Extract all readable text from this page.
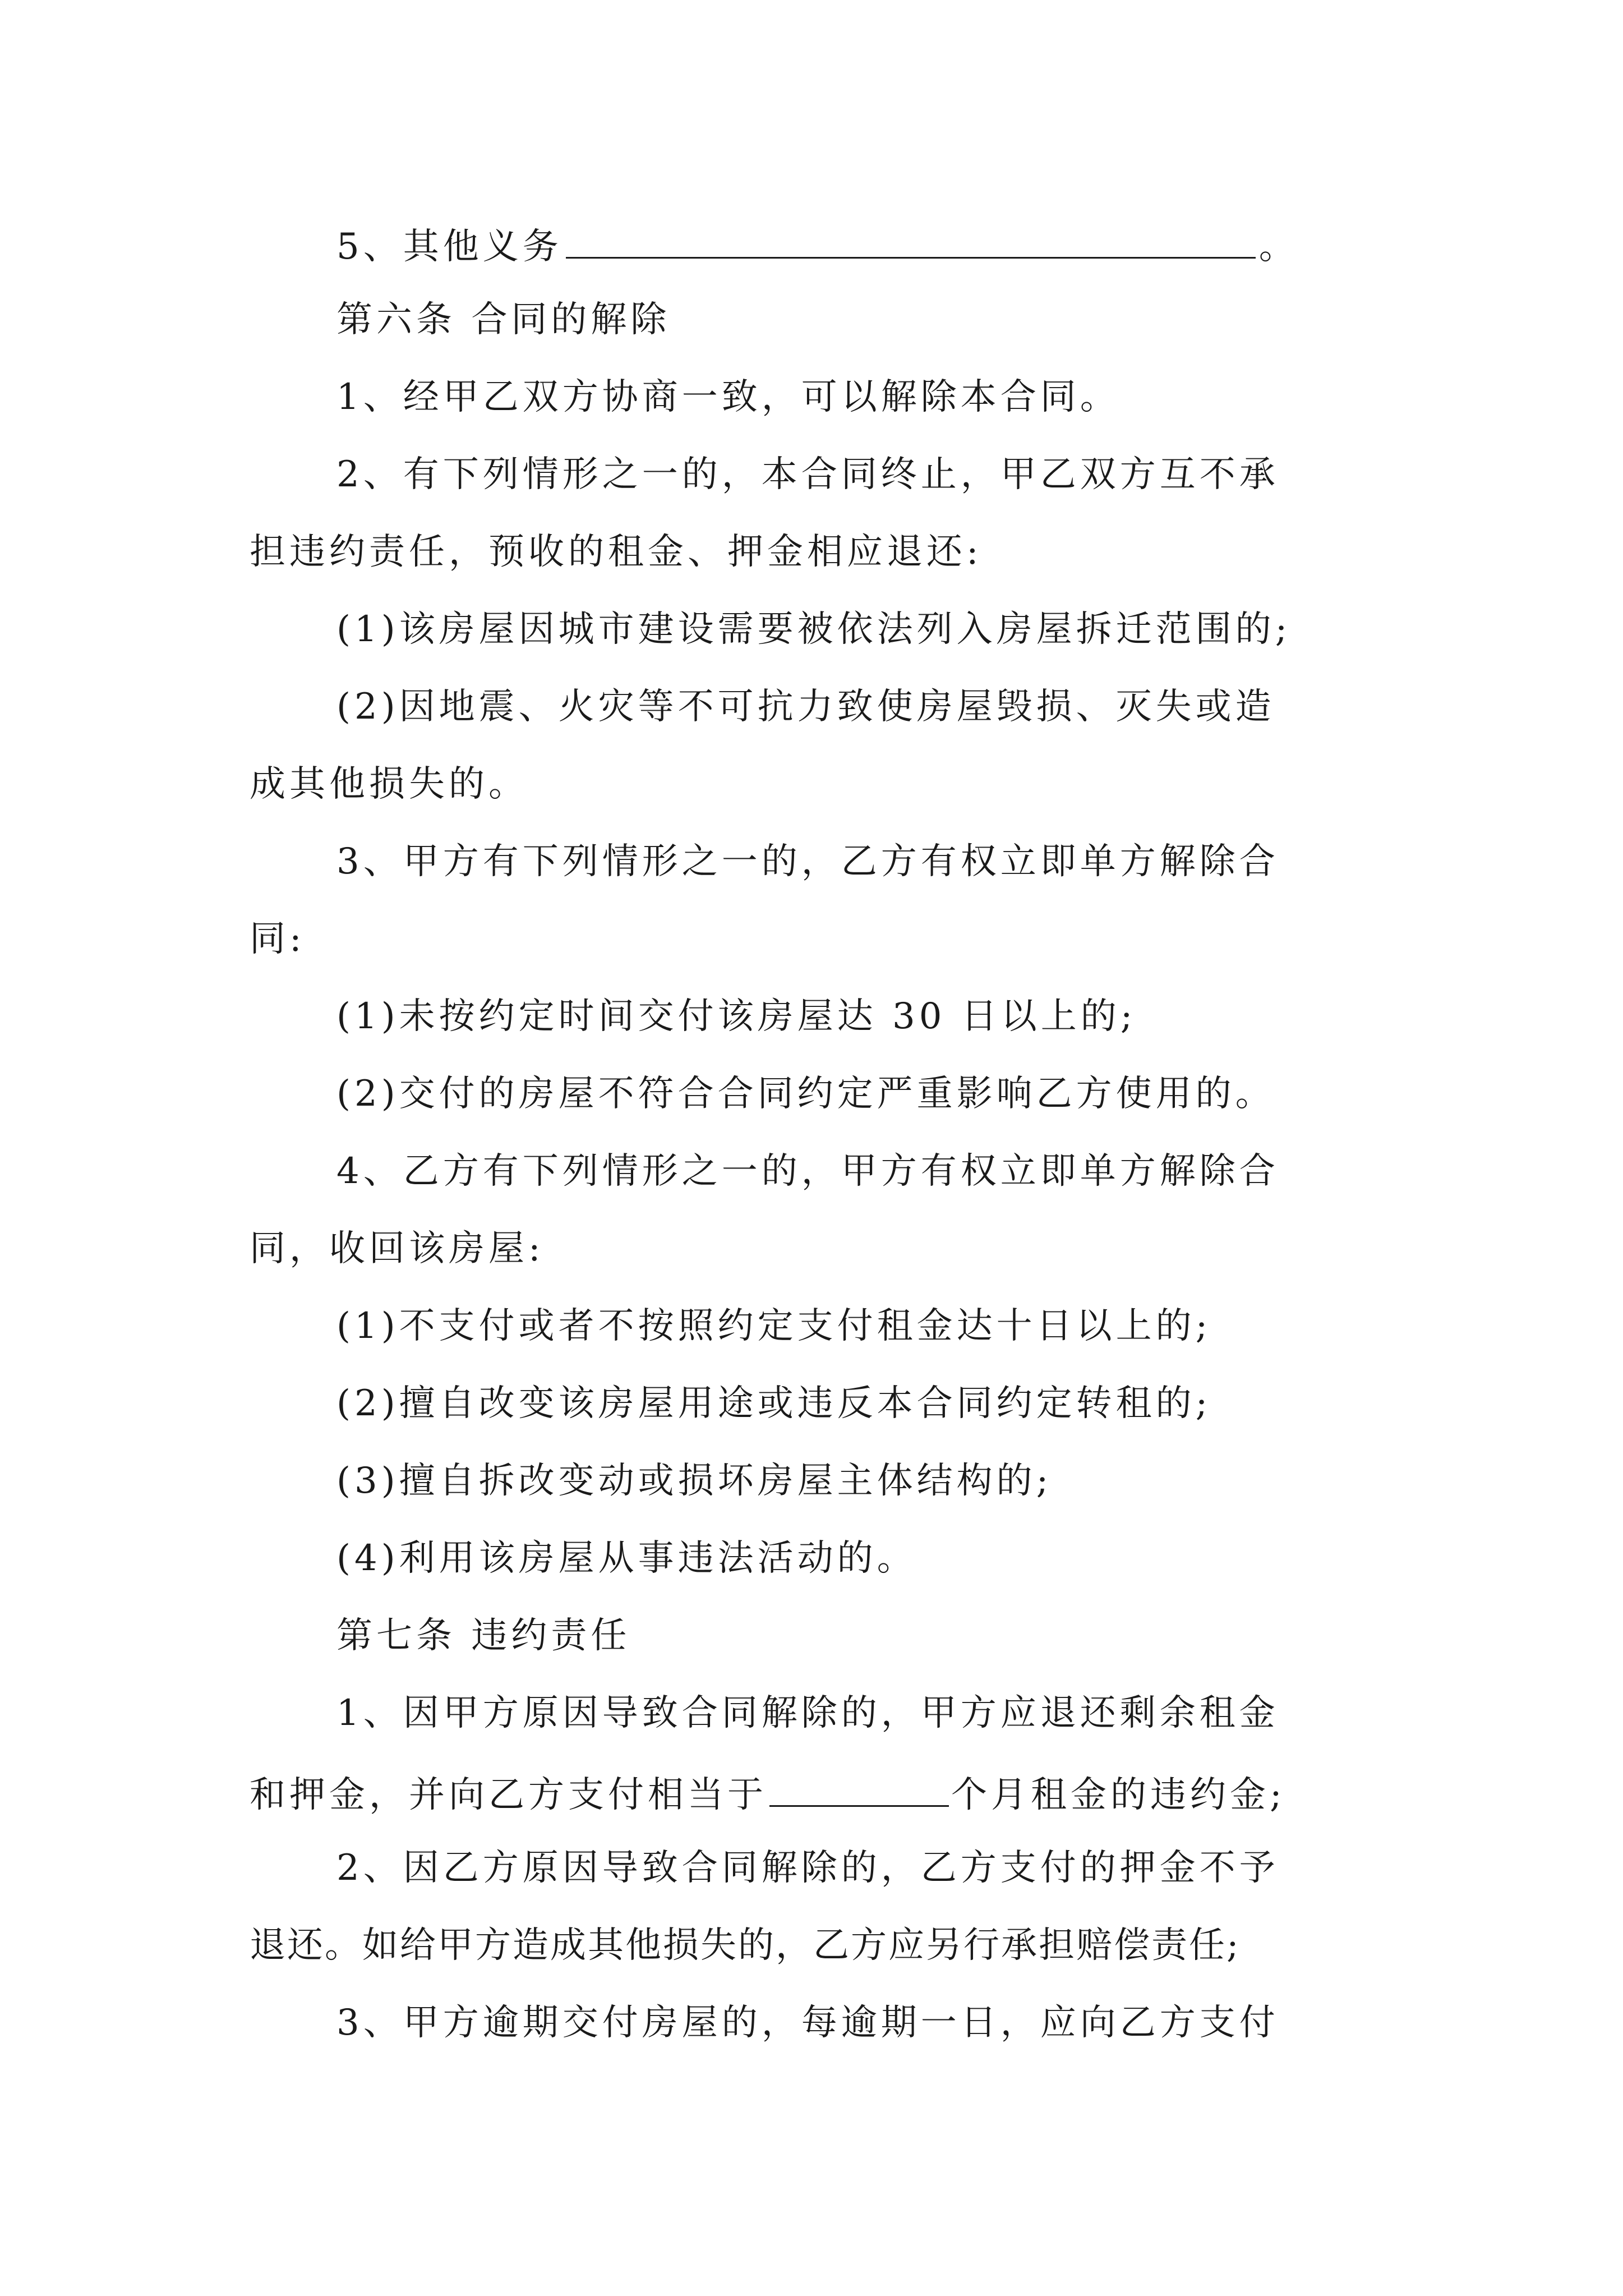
5、其他义务	。
第六条 合同的解除
1、经甲乙双方协商一致，可以解除本合同。
2、有下列情形之一的，本合同终止，甲乙双方互不承
担违约责任，预收的租金、押金相应退还:
(1)该房屋因城市建设需要被依法列入房屋拆迁范围的;
(2)因地震、火灾等不可抗力致使房屋毁损、灭失或造
成其他损失的。
3、甲方有下列情形之一的，乙方有权立即单方解除合
同:
(1)未按约定时间交付该房屋达 30 日以上的;
(2)交付的房屋不符合合同约定严重影响乙方使用的。
4、乙方有下列情形之一的，甲方有权立即单方解除合
同，收回该房屋:
(1)不支付或者不按照约定支付租金达十日以上的;
(2)擅自改变该房屋用途或违反本合同约定转租的;
(3)擅自拆改变动或损坏房屋主体结构的;
(4)利用该房屋从事违法活动的。
第七条 违约责任
1、因甲方原因导致合同解除的，甲方应退还剩余租金
和押金，并向乙方支付相当于	个月租金的违约金;
2、因乙方原因导致合同解除的，乙方支付的押金不予
退还。如给甲方造成其他损失的，乙方应另行承担赔偿责任;
3、甲方逾期交付房屋的，每逾期一日，应向乙方支付
